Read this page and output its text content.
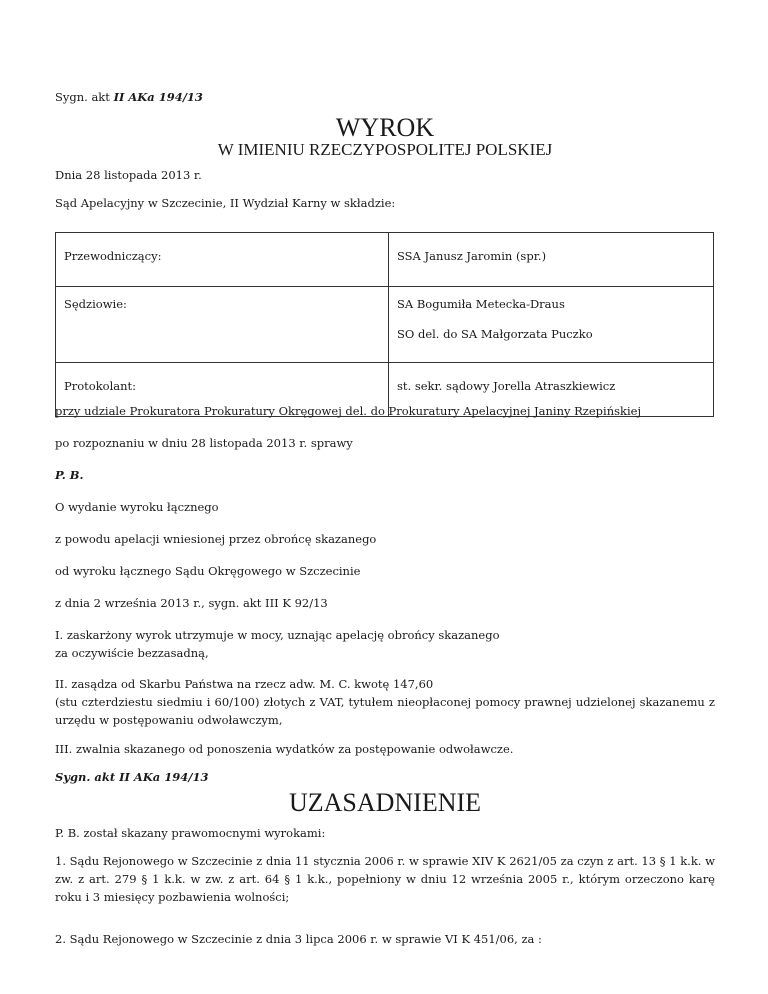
Sygn. akt II AKa 194/13
WYROK
W IMIENIU RZECZYPOSPOLITEJ POLSKIEJ
Dnia 28 listopada 2013 r.
Sąd Apelacyjny w Szczecinie, II Wydział Karny w składzie:
Przewodniczący:	SSA Janusz Jaromin (spr.)
Sędziowie:	SA Bogumiła Metecka-Draus
SO del. do SA Małgorzata Puczko

Protokolant:	st. sekr. sądowy Jorella Atraszkiewicz
przy udziale Prokuratora Prokuratury Okręgowej del. do Prokuratury Apelacyjnej Janiny Rzepińskiej
po rozpoznaniu w dniu 28 listopada 2013 r. sprawy
P. B.
O wydanie wyroku łącznego
z powodu apelacji wniesionej przez obrońcę skazanego
od wyroku łącznego Sądu Okręgowego w Szczecinie
z dnia 2 września 2013 r., sygn. akt III K 92/13
I. zaskarżony wyrok utrzymuje w mocy, uznając apelację obrońcy skazanego
za oczywiście bezzasadną,
II. zasądza od Skarbu Państwa na rzecz adw. M. C. kwotę 147,60
(stu czterdziestu siedmiu i 60/100) złotych z VAT, tytułem nieopłaconej pomocy prawnej udzielonej skazanemu z urzędu w postępowaniu odwoławczym,
III. zwalnia skazanego od ponoszenia wydatków za postępowanie odwoławcze.
Sygn. akt II AKa 194/13
UZASADNIENIE
P. B. został skazany prawomocnymi wyrokami:
1. Sądu Rejonowego w Szczecinie z dnia 11 stycznia 2006 r. w sprawie XIV K 2621/05 za czyn z art. 13 § 1 k.k. w zw. z art. 279 § 1 k.k. w zw. z art. 64 § 1 k.k., popełniony w dniu 12 września 2005 r., którym orzeczono karę roku i 3 miesięcy pozbawienia wolności;
2. Sądu Rejonowego w Szczecinie z dnia 3 lipca 2006 r. w sprawie VI K 451/06, za :
